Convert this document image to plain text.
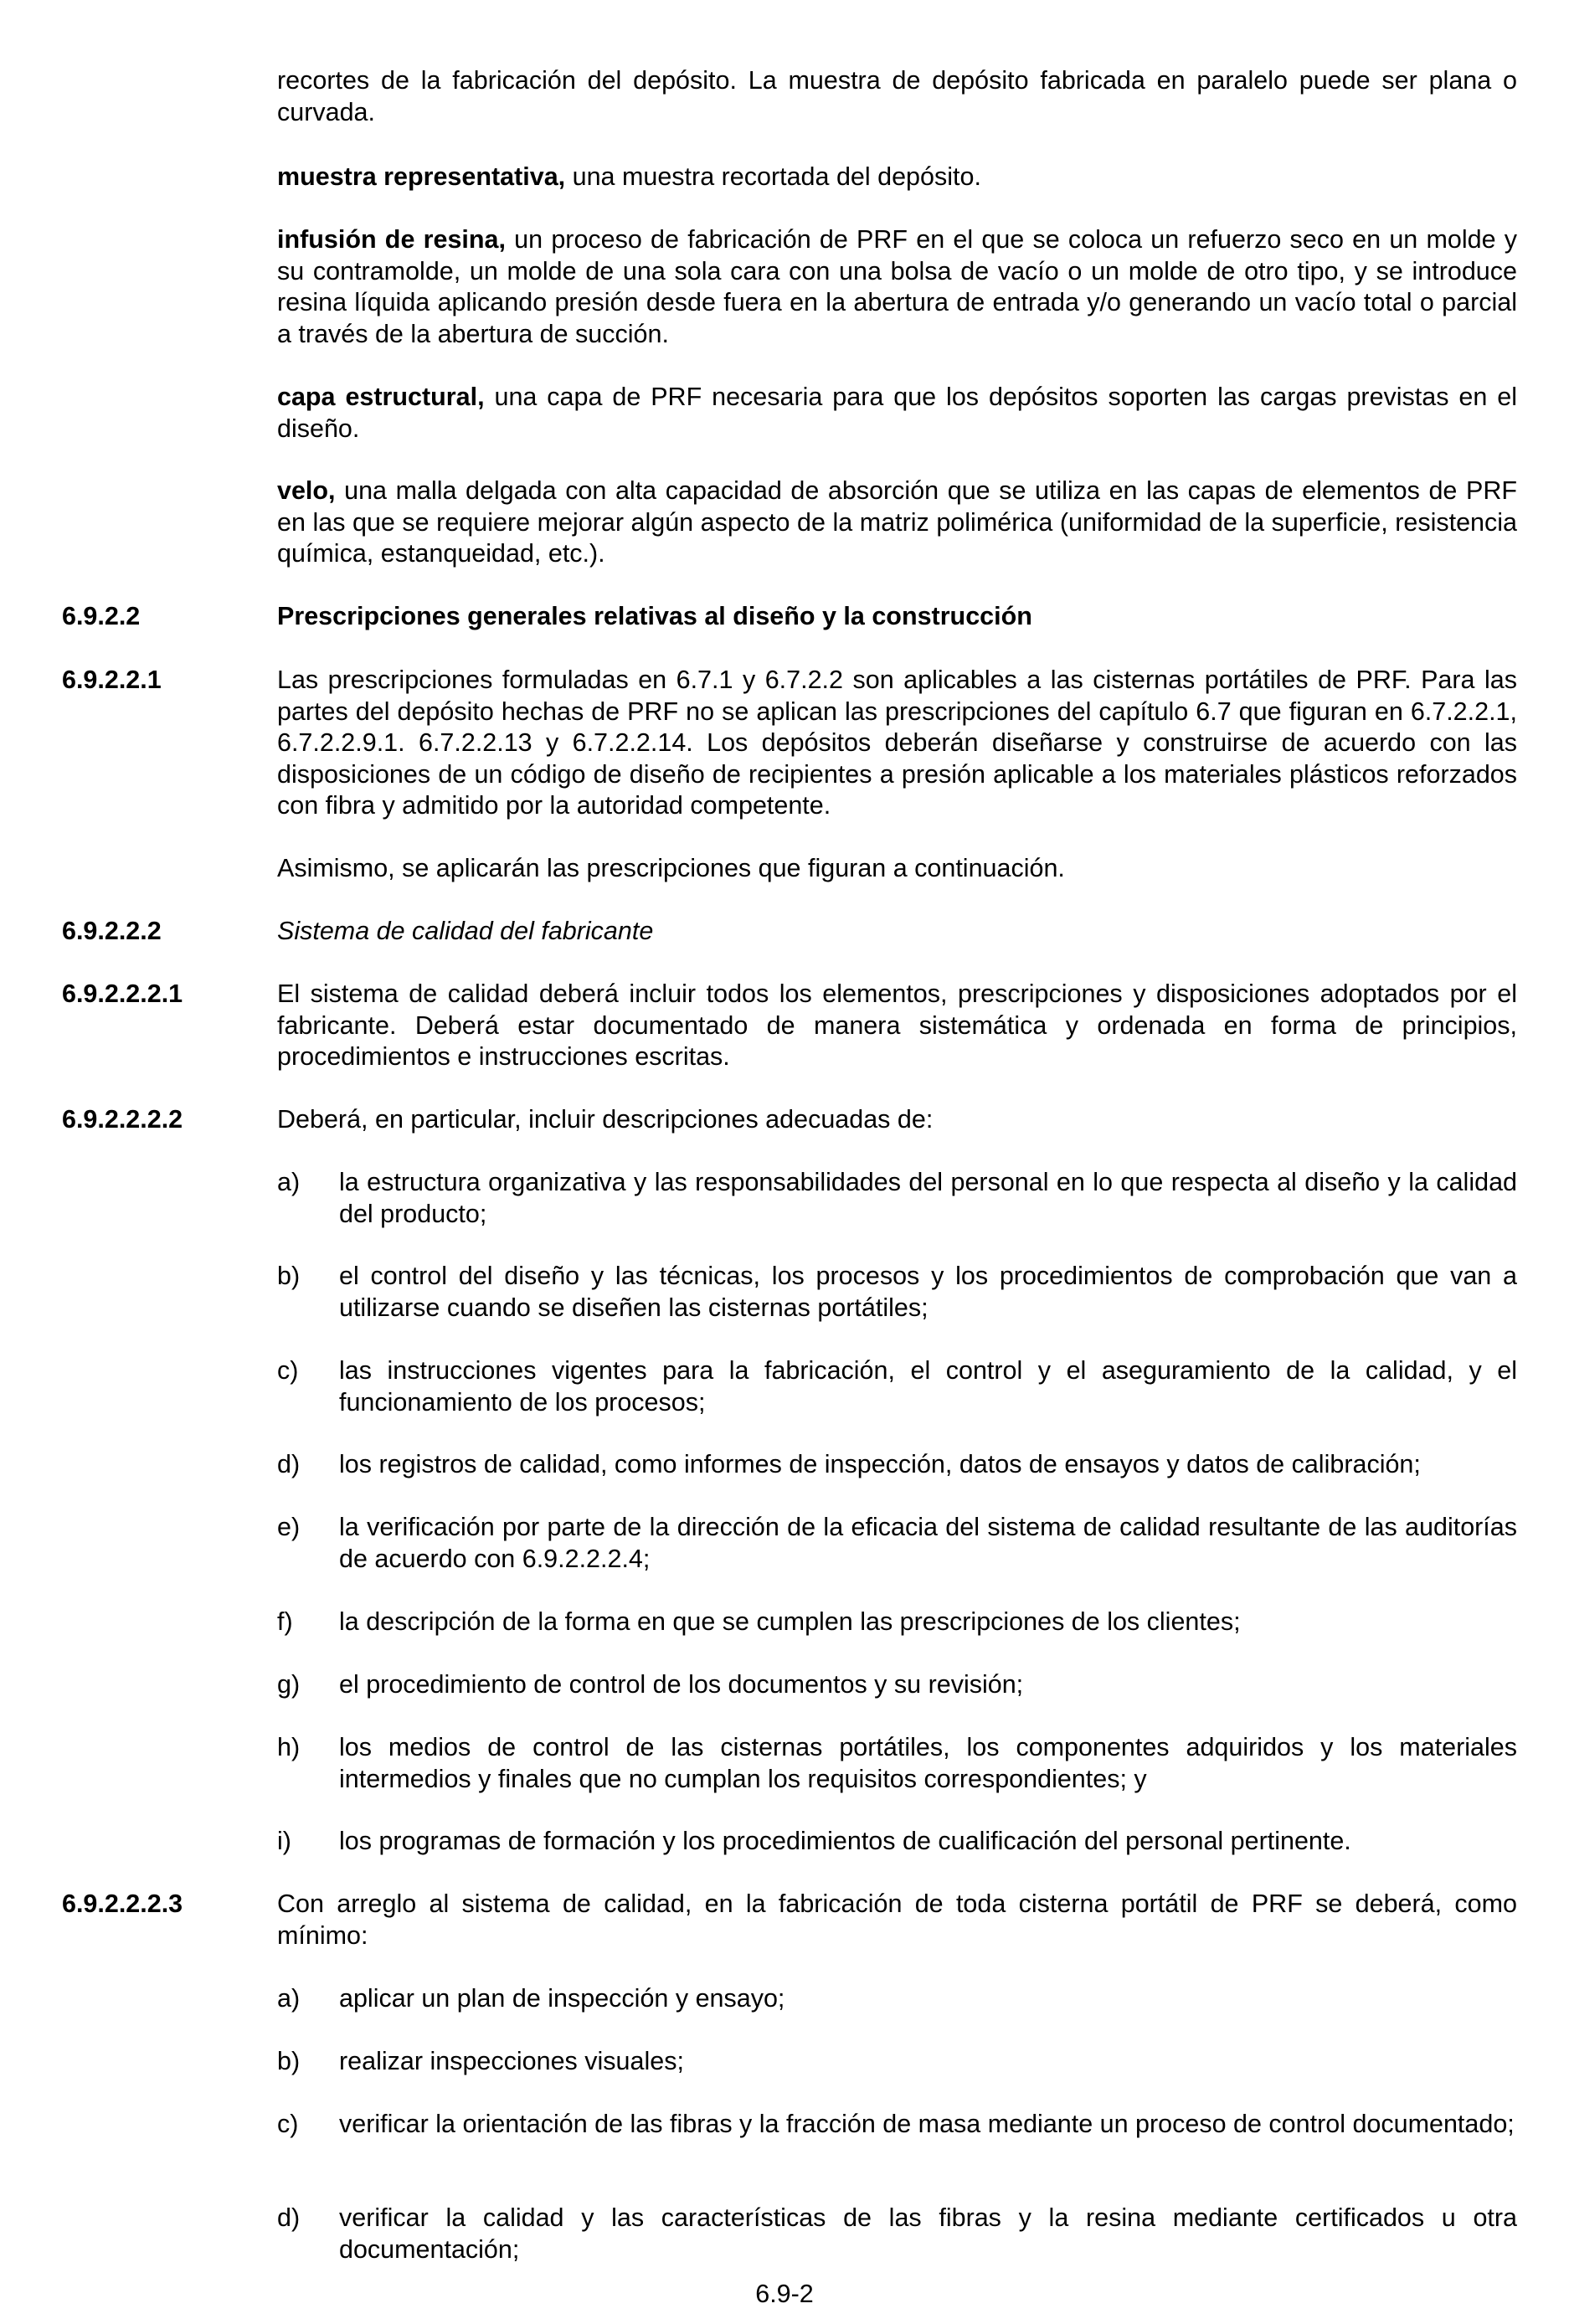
recortes de la fabricación del depósito. La muestra de depósito fabricada en paralelo puede ser plana o curvada.

muestra representativa, una muestra recortada del depósito.

infusión de resina, un proceso de fabricación de PRF en el que se coloca un refuerzo seco en un molde y su contramolde, un molde de una sola cara con una bolsa de vacío o un molde de otro tipo, y se introduce resina líquida aplicando presión desde fuera en la abertura de entrada y/o generando un vacío total o parcial a través de la abertura de succión.

capa estructural, una capa de PRF necesaria para que los depósitos soporten las cargas previstas en el diseño.

velo, una malla delgada con alta capacidad de absorción que se utiliza en las capas de elementos de PRF en las que se requiere mejorar algún aspecto de la matriz polimérica (uniformidad de la superficie, resistencia química, estanqueidad, etc.).

6.9.2.2	Prescripciones generales relativas al diseño y la construcción

6.9.2.2.1	Las prescripciones formuladas en 6.7.1 y 6.7.2.2 son aplicables a las cisternas portátiles de PRF. Para las partes del depósito hechas de PRF no se aplican las prescripciones del capítulo 6.7 que figuran en 6.7.2.2.1, 6.7.2.2.9.1. 6.7.2.2.13 y 6.7.2.2.14. Los depósitos deberán diseñarse y construirse de acuerdo con las disposiciones de un código de diseño de recipientes a presión aplicable a los materiales plásticos reforzados con fibra y admitido por la autoridad competente.

Asimismo, se aplicarán las prescripciones que figuran a continuación.

6.9.2.2.2	Sistema de calidad del fabricante

6.9.2.2.2.1	El sistema de calidad deberá incluir todos los elementos, prescripciones y disposiciones adoptados por el fabricante. Deberá estar documentado de manera sistemática y ordenada en forma de principios, procedimientos e instrucciones escritas.

6.9.2.2.2.2	Deberá, en particular, incluir descripciones adecuadas de:

a) la estructura organizativa y las responsabilidades del personal en lo que respecta al diseño y la calidad del producto;

b) el control del diseño y las técnicas, los procesos y los procedimientos de comprobación que van a utilizarse cuando se diseñen las cisternas portátiles;

c) las instrucciones vigentes para la fabricación, el control y el aseguramiento de la calidad, y el funcionamiento de los procesos;

d) los registros de calidad, como informes de inspección, datos de ensayos y datos de calibración;

e) la verificación por parte de la dirección de la eficacia del sistema de calidad resultante de las auditorías de acuerdo con 6.9.2.2.2.4;

f) la descripción de la forma en que se cumplen las prescripciones de los clientes;

g) el procedimiento de control de los documentos y su revisión;

h) los medios de control de las cisternas portátiles, los componentes adquiridos y los materiales intermedios y finales que no cumplan los requisitos correspondientes; y

i) los programas de formación y los procedimientos de cualificación del personal pertinente.

6.9.2.2.2.3	Con arreglo al sistema de calidad, en la fabricación de toda cisterna portátil de PRF se deberá, como mínimo:

a) aplicar un plan de inspección y ensayo;

b) realizar inspecciones visuales;

c) verificar la orientación de las fibras y la fracción de masa mediante un proceso de control documentado;

d) verificar la calidad y las características de las fibras y la resina mediante certificados u otra documentación;

6.9-2
